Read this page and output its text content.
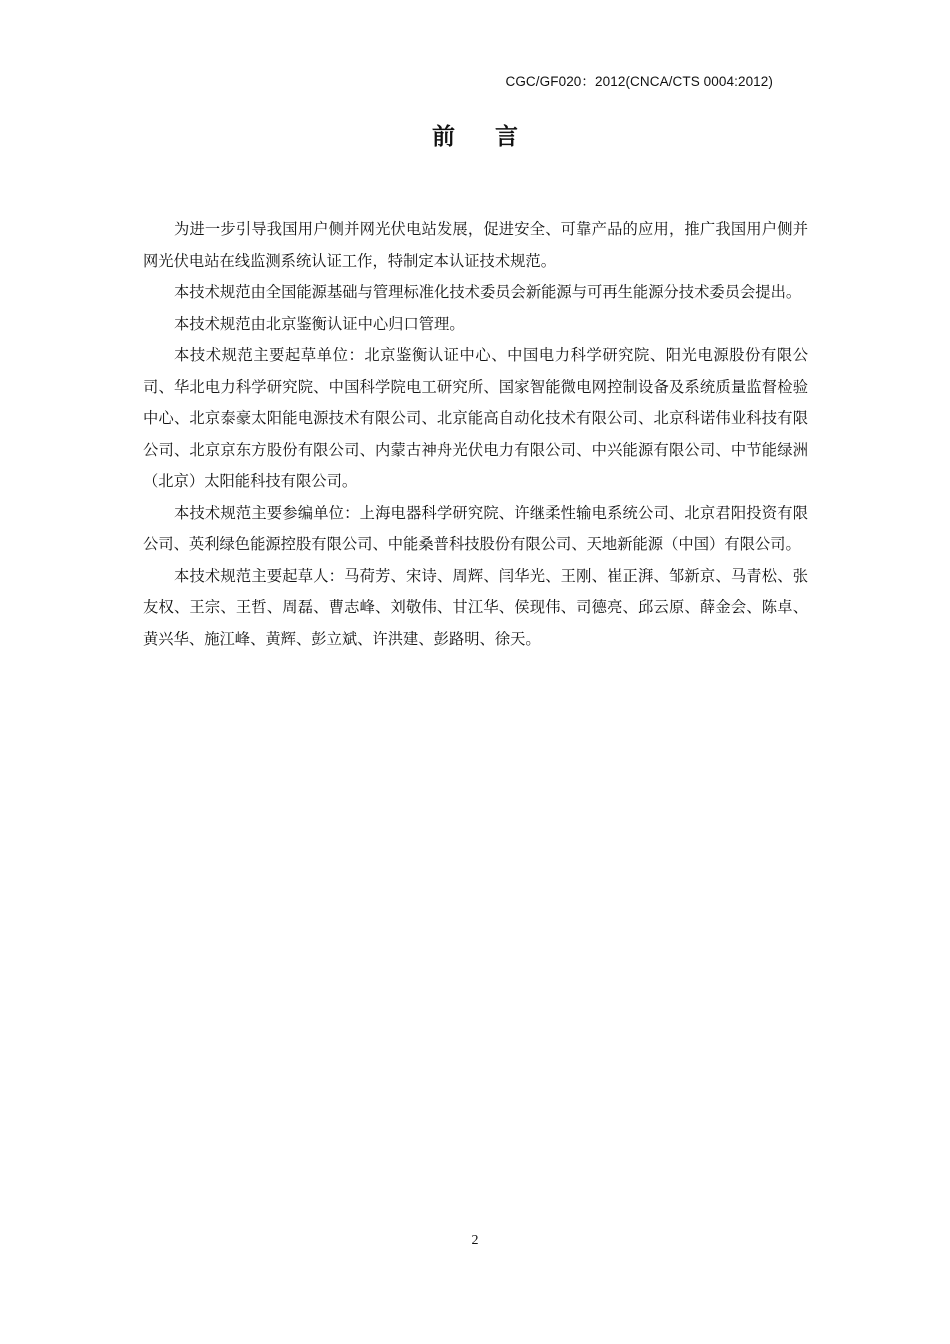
CGC/GF020：2012(CNCA/CTS 0004:2012)
前 言

为进一步引导我国用户侧并网光伏电站发展，促进安全、可靠产品的应用，推广我国用户侧并网光伏电站在线监测系统认证工作，特制定本认证技术规范。

本技术规范由全国能源基础与管理标准化技术委员会新能源与可再生能源分技术委员会提出。

本技术规范由北京鉴衡认证中心归口管理。

本技术规范主要起草单位：北京鉴衡认证中心、中国电力科学研究院、阳光电源股份有限公司、华北电力科学研究院、中国科学院电工研究所、国家智能微电网控制设备及系统质量监督检验中心、北京泰豪太阳能电源技术有限公司、北京能高自动化技术有限公司、北京科诺伟业科技有限公司、北京京东方股份有限公司、内蒙古神舟光伏电力有限公司、中兴能源有限公司、中节能绿洲（北京）太阳能科技有限公司。

本技术规范主要参编单位：上海电器科学研究院、许继柔性输电系统公司、北京君阳投资有限公司、英利绿色能源控股有限公司、中能桑普科技股份有限公司、天地新能源（中国）有限公司。

本技术规范主要起草人：马荷芳、宋诗、周辉、闫华光、王刚、崔正湃、邹新京、马青松、张友权、王宗、王哲、周磊、曹志峰、刘敬伟、甘江华、侯现伟、司德亮、邱云原、薛金会、陈卓、黄兴华、施江峰、黄辉、彭立斌、许洪建、彭路明、徐天。

2
